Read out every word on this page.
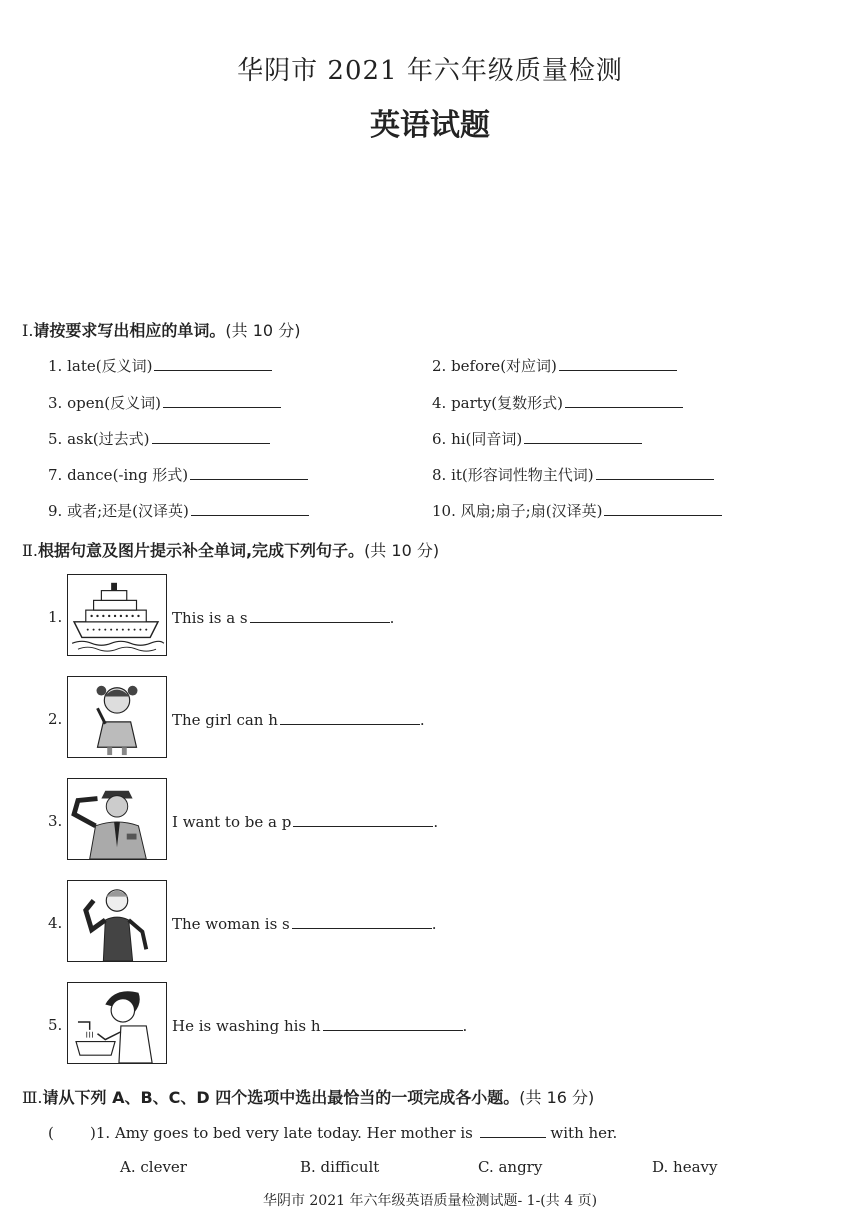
华阴市 2021 年六年级质量检测
英语试题
Ⅰ.请按要求写出相应的单词。(共 10 分)
1. late(反义词)	2. before(对应词)
3. open(反义词)	4. party(复数形式)
5. ask(过去式)	6. hi(同音词)
7. dance(-ing 形式)	8. it(形容词性物主代词)
9. 或者;还是(汉译英)	10. 风扇;扇子;扇(汉译英)
Ⅱ.根据句意及图片提示补全单词,完成下列句子。(共 10 分)
1.	This is a s	.
2.	The girl can h	.
3.	I want to be a p	.
4.	The woman is s	.
5.	He is washing his h	.
Ⅲ.请从下列 A、B、C、D 四个选项中选出最恰当的一项完成各小题。(共 16 分)
( )1. Amy goes to bed very late today. Her mother is	with her.
A. clever	B. difficult	C. angry	D. heavy
华阴市 2021 年六年级英语质量检测试题- 1-(共 4 页)
